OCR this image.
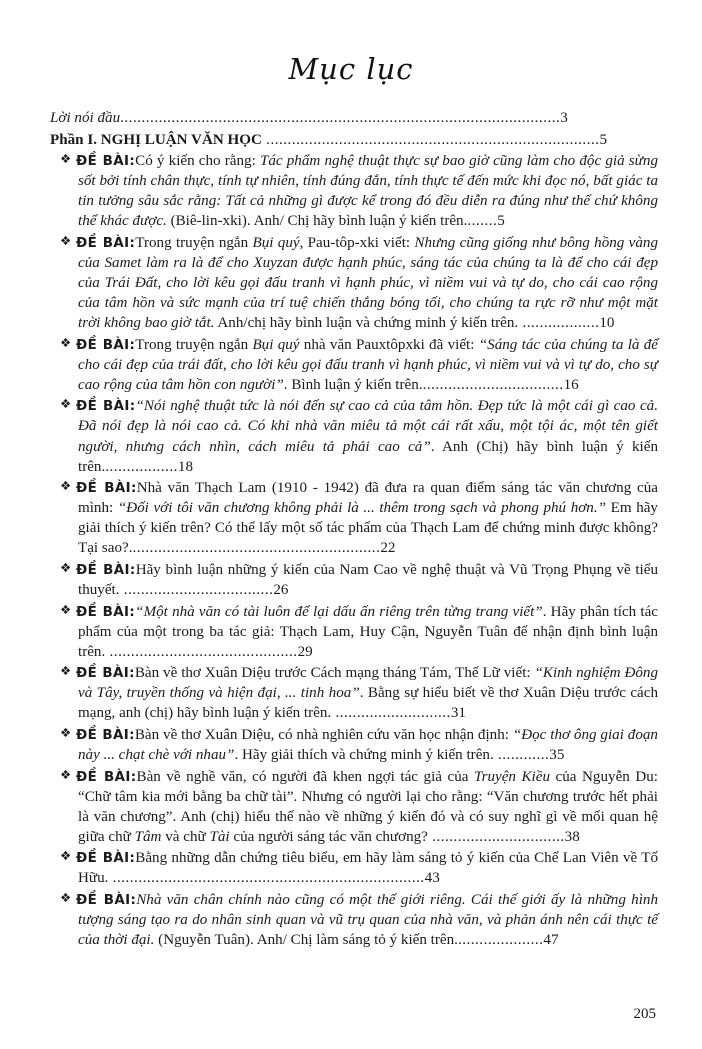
Mục lục
Lời nói đầu.......................................................................................................3
Phần I. NGHỊ LUẬN VĂN HỌC ..............................................................................5
❖ ĐỀ BÀI:Có ý kiến cho rằng: Tác phẩm nghệ thuật thực sự bao giờ cũng làm cho độc giả sừng sốt bởi tính chân thực, tính tự nhiên, tính đúng đắn, tính thực tế đến mức khi đọc nó, bất giác ta tin tưởng sâu sắc rằng: Tất cả những gì được kể trong đó đều diễn ra đúng như thế chứ không thể khác được. (Biê-lin-xki). Anh/ Chị hãy bình luận ý kiến trên........5
❖ ĐỀ BÀI:Trong truyện ngắn Bụi quý, Pau-tôp-xki viết: Nhưng cũng giống như bông hồng vàng của Samet làm ra là để cho Xuyzan được hạnh phúc, sáng tác của chúng ta là để cho cái đẹp của Trái Đất, cho lời kêu gọi đấu tranh vì hạnh phúc, vì niềm vui và tự do, cho cái cao rộng của tâm hồn và sức mạnh của trí tuệ chiến thắng bóng tối, cho chúng ta rực rỡ như một mặt trời không bao giờ tắt. Anh/chị hãy bình luận và chứng minh ý kiến trên. ..................10
❖ ĐỀ BÀI:Trong truyện ngắn Bụi quý nhà văn Pauxtôpxki đã viết: “Sáng tác của chúng ta là để cho cái đẹp của trái đất, cho lời kêu gọi đấu tranh vì hạnh phúc, vì niềm vui và vì tự do, cho sự cao rộng của tâm hồn con người”. Bình luận ý kiến trên..................................16
❖ ĐỀ BÀI:“Nói nghệ thuật tức là nói đến sự cao cả của tâm hồn. Đẹp tức là một cái gì cao cả. Đã nói đẹp là nói cao cả. Có khi nhà văn miêu tả một cái rất xấu, một tội ác, một tên giết người, nhưng cách nhìn, cách miêu tả phải cao cả”. Anh (Chị) hãy bình luận ý kiến trên..................18
❖ ĐỀ BÀI:Nhà văn Thạch Lam (1910 - 1942) đã đưa ra quan điểm sáng tác văn chương của mình: “Đối với tôi văn chương không phải là ... thêm trong sạch và phong phú hơn.” Em hãy giải thích ý kiến trên? Có thể lấy một số tác phẩm của Thạch Lam để chứng minh được không? Tại sao?...........................................................22
❖ ĐỀ BÀI:Hãy bình luận những ý kiến của Nam Cao về nghệ thuật và Vũ Trọng Phụng về tiểu thuyết. ...................................26
❖ ĐỀ BÀI:“Một nhà văn có tài luôn để lại dấu ấn riêng trên từng trang viết”. Hãy phân tích tác phẩm của một trong ba tác giả: Thạch Lam, Huy Cận, Nguyễn Tuân để nhận định bình luận trên. ............................................29
❖ ĐỀ BÀI:Bàn về thơ Xuân Diệu trước Cách mạng tháng Tám, Thế Lữ viết: “Kinh nghiệm Đông và Tây, truyền thống và hiện đại, ... tinh hoa”. Bằng sự hiểu biết về thơ Xuân Diệu trước cách mạng, anh (chị) hãy bình luận ý kiến trên. ...........................31
❖ ĐỀ BÀI:Bàn về thơ Xuân Diệu, có nhà nghiên cứu văn học nhận định: “Đọc thơ ông giai đoạn này ... chạt chè với nhau”. Hãy giải thích và chứng minh ý kiến trên. ............35
❖ ĐỀ BÀI:Bàn về nghề văn, có người đã khen ngợi tác giả của Truyện Kiều của Nguyễn Du: “Chữ tâm kia mới bằng ba chữ tài”. Nhưng có người lại cho rằng: “Văn chương trước hết phải là văn chương”. Anh (chị) hiểu thế nào về những ý kiến đó và có suy nghĩ gì về mối quan hệ giữa chữ Tâm và chữ Tài của người sáng tác văn chương? ...............................38
❖ ĐỀ BÀI:Bằng những dẫn chứng tiêu biểu, em hãy làm sáng tỏ ý kiến của Chế Lan Viên về Tố Hữu. .........................................................................43
❖ ĐỀ BÀI:Nhà văn chân chính nào cũng có một thế giới riêng. Cái thế giới ấy là những hình tượng sáng tạo ra do nhân sinh quan và vũ trụ quan của nhà văn, và phản ánh nên cái thực tế của thời đại. (Nguyễn Tuân). Anh/ Chị làm sáng tỏ ý kiến trên.....................47
205
